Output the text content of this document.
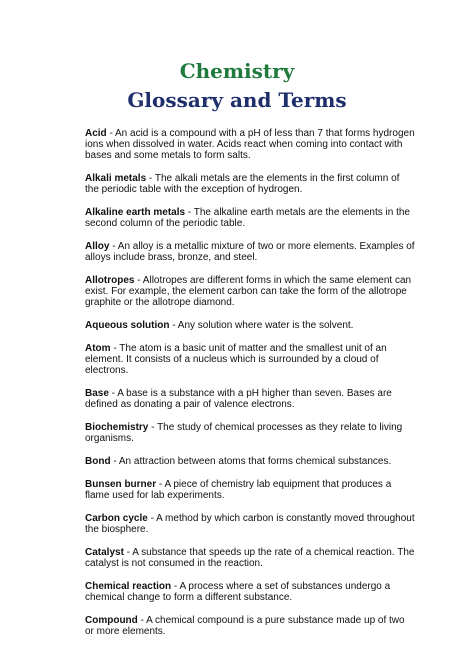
Chemistry
Glossary and Terms

Acid - An acid is a compound with a pH of less than 7 that forms hydrogen ions when dissolved in water. Acids react when coming into contact with bases and some metals to form salts.

Alkali metals - The alkali metals are the elements in the first column of the periodic table with the exception of hydrogen.

Alkaline earth metals - The alkaline earth metals are the elements in the second column of the periodic table.

Alloy - An alloy is a metallic mixture of two or more elements. Examples of alloys include brass, bronze, and steel.

Allotropes - Allotropes are different forms in which the same element can exist. For example, the element carbon can take the form of the allotrope graphite or the allotrope diamond.

Aqueous solution - Any solution where water is the solvent.

Atom - The atom is a basic unit of matter and the smallest unit of an element. It consists of a nucleus which is surrounded by a cloud of electrons.

Base - A base is a substance with a pH higher than seven. Bases are defined as donating a pair of valence electrons.

Biochemistry - The study of chemical processes as they relate to living organisms.

Bond - An attraction between atoms that forms chemical substances.

Bunsen burner - A piece of chemistry lab equipment that produces a flame used for lab experiments.

Carbon cycle - A method by which carbon is constantly moved throughout the biosphere.

Catalyst - A substance that speeds up the rate of a chemical reaction. The catalyst is not consumed in the reaction.

Chemical reaction - A process where a set of substances undergo a chemical change to form a different substance.

Compound - A chemical compound is a pure substance made up of two or more elements.
